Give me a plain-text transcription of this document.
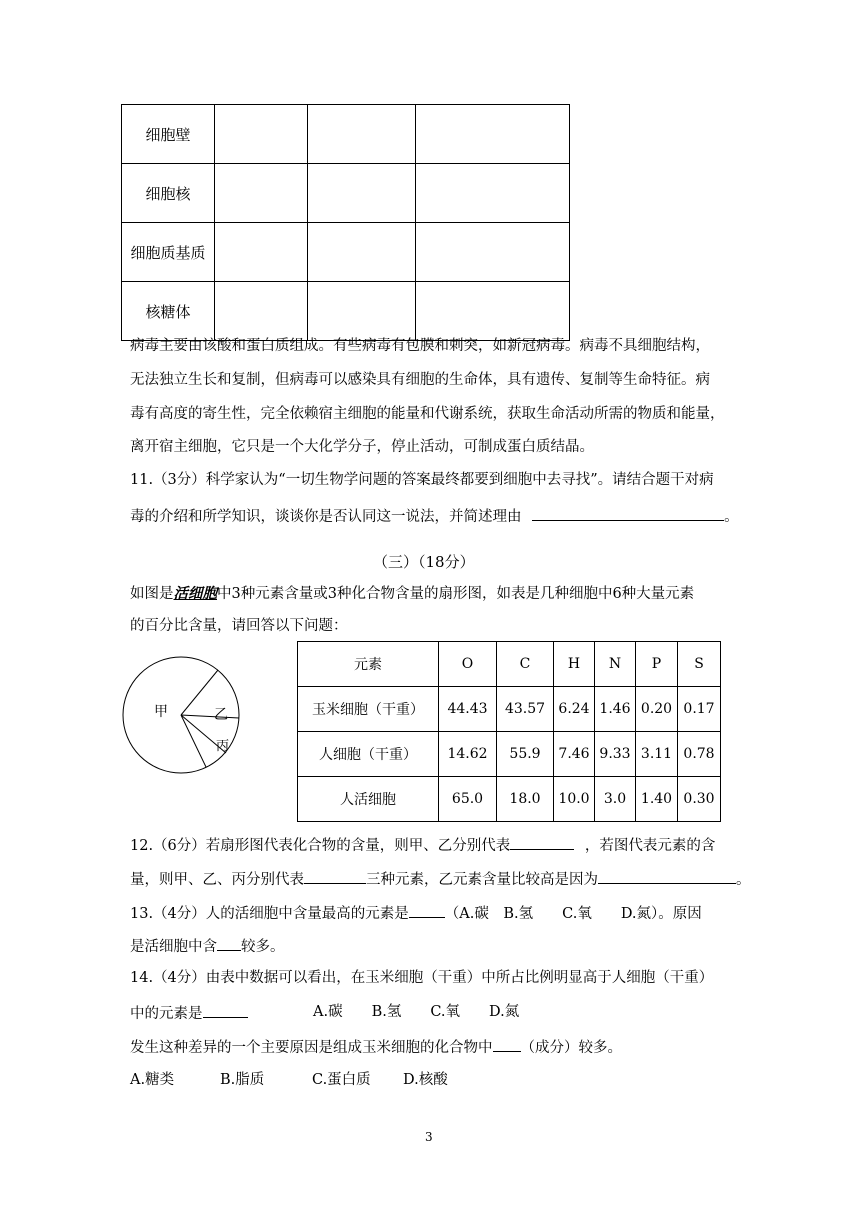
细胞壁			
细胞核			
细胞质基质			
核糖体			
病毒主要由该酸和蛋白质组成。有些病毒有包膜和刺突，如新冠病毒。病毒不具细胞结构，
无法独立生长和复制，但病毒可以感染具有细胞的生命体，具有遗传、复制等生命特征。病
毒有高度的寄生性，完全依赖宿主细胞的能量和代谢系统，获取生命活动所需的物质和能量，
离开宿主细胞，它只是一个大化学分子，停止活动，可制成蛋白质结晶。
11.（3分）科学家认为“一切生物学问题的答案最终都要到细胞中去寻找”。请结合题干对病
毒的介绍和所学知识，谈谈你是否认同这一说法，并简述理由	。
（三）（18分）
如图是活细胞中3种元素含量或3种化合物含量的扇形图，如表是几种细胞中6种大量元素
的百分比含量，请回答以下问题：
甲	乙
丙
元素	O	C	H	N	P	S
玉米细胞（干重）	44.43	43.57	6.24	1.46	0.20	0.17
人细胞（干重）	14.62	55.9	7.46	9.33	3.11	0.78
人活细胞	65.0	18.0	10.0	3.0	1.40	0.30
12.（6分）若扇形图代表化合物的含量，则甲、乙分别代表	，若图代表元素的含
量，则甲、乙、丙分别代表	三种元素，乙元素含量比较高是因为	。
13.（4分）人的活细胞中含量最高的元素是 （A.碳　B.氢　　C.氧　　D.氮）。原因
是活细胞中含 较多。
14.（4分）由表中数据可以看出，在玉米细胞（干重）中所占比例明显高于人细胞（干重）
中的元素是	A.碳　　B.氢　　C.氧　　D.氮
发生这种差异的一个主要原因是组成玉米细胞的化合物中 （成分）较多。
A.糖类	B.脂质	C.蛋白质 D.核酸
3
